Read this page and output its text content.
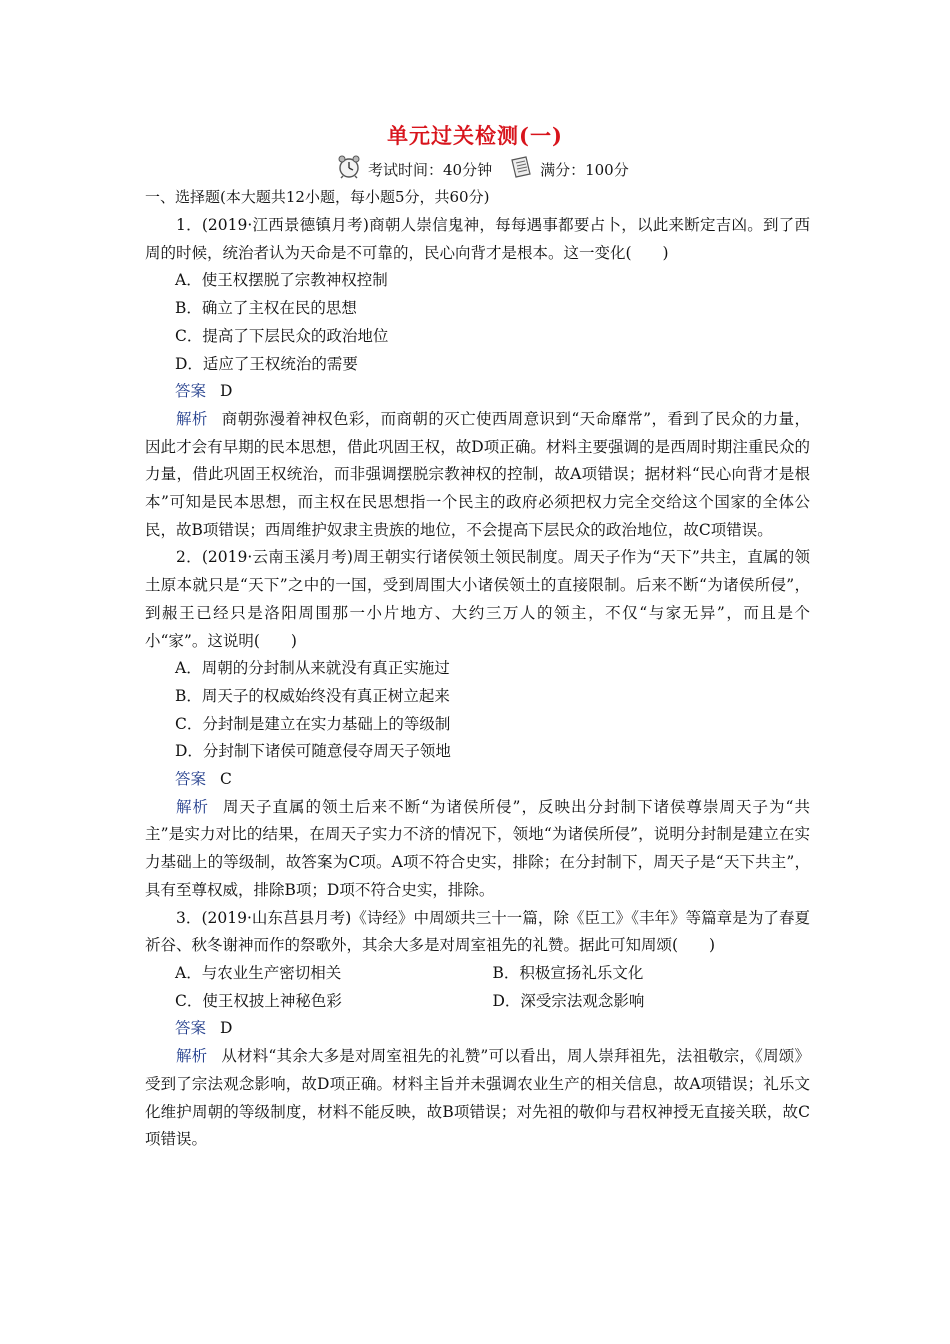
单元过关检测(一)
考试时间：40分钟	满分：100分
一、选择题(本大题共12小题，每小题5分，共60分)

1．(2019·江西景德镇月考)商朝人崇信鬼神，每每遇事都要占卜，以此来断定吉凶。到了西周的时候，统治者认为天命是不可靠的，民心向背才是根本。这一变化(　　)

A．使王权摆脱了宗教神权控制

B．确立了主权在民的思想

C．提高了下层民众的政治地位

D．适应了王权统治的需要

答案 D

解析 商朝弥漫着神权色彩，而商朝的灭亡使西周意识到“天命靡常”，看到了民众的力量，因此才会有早期的民本思想，借此巩固王权，故D项正确。材料主要强调的是西周时期注重民众的力量，借此巩固王权统治，而非强调摆脱宗教神权的控制，故A项错误；据材料“民心向背才是根本”可知是民本思想，而主权在民思想指一个民主的政府必须把权力完全交给这个国家的全体公民，故B项错误；西周维护奴隶主贵族的地位，不会提高下层民众的政治地位，故C项错误。

2．(2019·云南玉溪月考)周王朝实行诸侯领土领民制度。周天子作为“天下”共主，直属的领土原本就只是“天下”之中的一国，受到周围大小诸侯领土的直接限制。后来不断“为诸侯所侵”，到赧王已经只是洛阳周围那一小片地方、大约三万人的领主，不仅“与家无异”，而且是个小“家”。这说明(　　)

A．周朝的分封制从来就没有真正实施过

B．周天子的权威始终没有真正树立起来

C．分封制是建立在实力基础上的等级制

D．分封制下诸侯可随意侵夺周天子领地

答案 C

解析 周天子直属的领土后来不断“为诸侯所侵”，反映出分封制下诸侯尊崇周天子为“共主”是实力对比的结果，在周天子实力不济的情况下，领地“为诸侯所侵”，说明分封制是建立在实力基础上的等级制，故答案为C项。A项不符合史实，排除；在分封制下，周天子是“天下共主”，具有至尊权威，排除B项；D项不符合史实，排除。

3．(2019·山东莒县月考)《诗经》中周颂共三十一篇，除《臣工》《丰年》等篇章是为了春夏祈谷、秋冬谢神而作的祭歌外，其余大多是对周室祖先的礼赞。据此可知周颂(　　)

A．与农业生产密切相关	B．积极宣扬礼乐文化
C．使王权披上神秘色彩	D．深受宗法观念影响

答案 D

解析 从材料“其余大多是对周室祖先的礼赞”可以看出，周人崇拜祖先，法祖敬宗，《周颂》受到了宗法观念影响，故D项正确。材料主旨并未强调农业生产的相关信息，故A项错误；礼乐文化维护周朝的等级制度，材料不能反映，故B项错误；对先祖的敬仰与君权神授无直接关联，故C项错误。
